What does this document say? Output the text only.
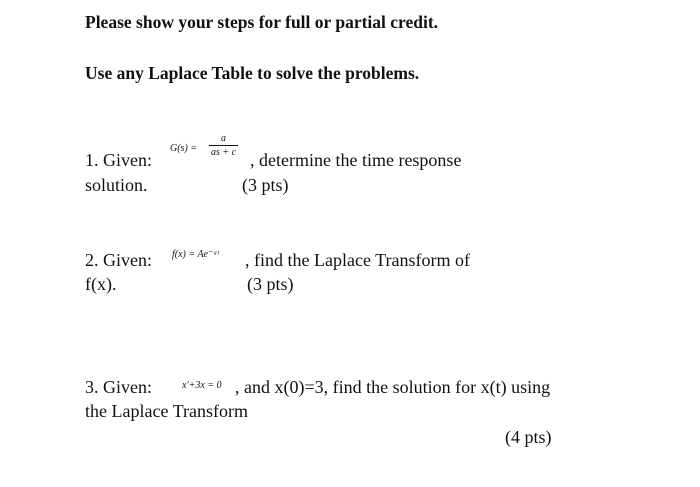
Please show your steps for full or partial credit.
Use any Laplace Table to solve the problems.
1. Given:
G(s) =
a
as + c , determine the time response
solution.	(3 pts)
2. Given: f(x) = Ae⁻ᵃᵗ , find the Laplace Transform of
f(x).	(3 pts)
3. Given:	x'+3x = 0 , and x(0)=3, find the solution for x(t) using
the Laplace Transform
(4 pts)
